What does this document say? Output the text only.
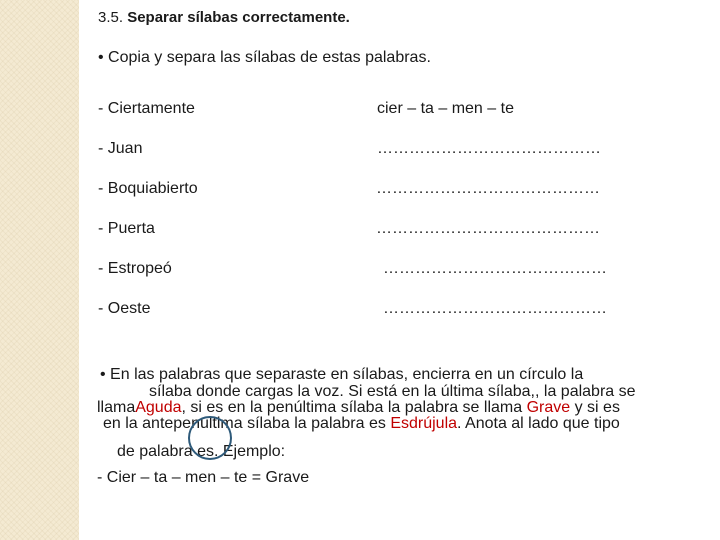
3.5. Separar sílabas correctamente.
• Copia y separa las sílabas de estas palabras.
- Ciertamente	cier – ta – men – te
- Juan	……………………………………
- Boquiabierto	……………………………………
- Puerta	……………………………………
- Estropeó	……………………………………
- Oeste	……………………………………
• En las palabras que separaste en sílabas, encierra en un círculo la
sílaba donde cargas la voz. Si está en la última sílaba,, la palabra se
llamaAguda, si es en la penúltima sílaba la palabra se llama Grave y si es
en la antepenúltima sílaba la palabra es Esdrújula. Anota al lado que tipo
de palabra es. Ejemplo:
- Cier – ta – men – te = Grave
